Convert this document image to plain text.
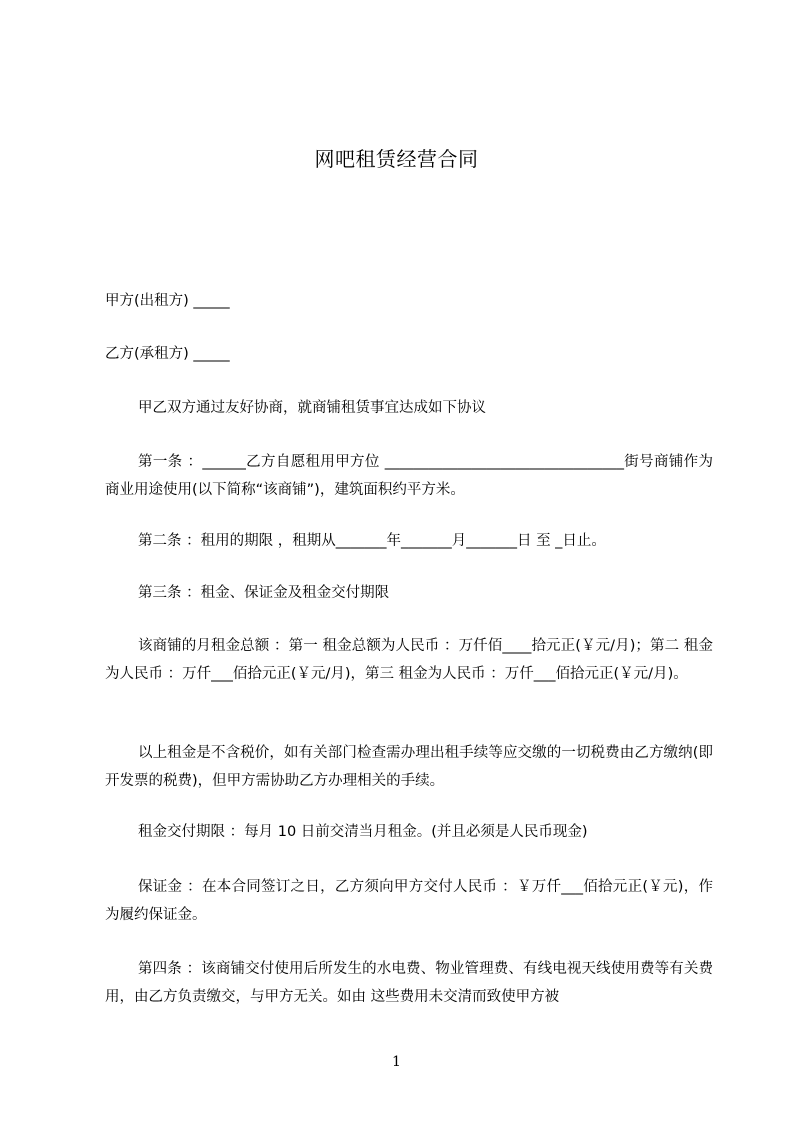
网吧租赁经营合同
甲方(出租方) _____
乙方(承租方) _____
甲乙双方通过友好协商，就商铺租赁事宜达成如下协议
第一条 ：______乙方自愿租用甲方位 _________________________________街号商铺作为商业用途使用(以下简称“该商铺”)，建筑面积约平方米。
第二条 ：租用的期限 ，租期从_______年_______月_______日 至 _日止。
第三条 ：租金、保证金及租金交付期限
该商铺的月租金总额 ：第一 租金总额为人民币 ：万仟佰____拾元正(￥元/月)；第二 租金为人民币 ：万仟___佰拾元正(￥元/月)，第三 租金为人民币 ：万仟___佰拾元正(￥元/月)。
以上租金是不含税价，如有关部门检查需办理出租手续等应交缴的一切税费由乙方缴纳(即开发票的税费)，但甲方需协助乙方办理相关的手续。
租金交付期限 ：每月 10 日前交清当月租金。(并且必须是人民币现金)
保证金 ：在本合同签订之日，乙方须向甲方交付人民币 ：￥万仟___佰拾元正(￥元)，作为履约保证金。
第四条 ：该商铺交付使用后所发生的水电费、物业管理费、有线电视天线使用费等有关费用，由乙方负责缴交，与甲方无关。如由 这些费用未交清而致使甲方被
1
